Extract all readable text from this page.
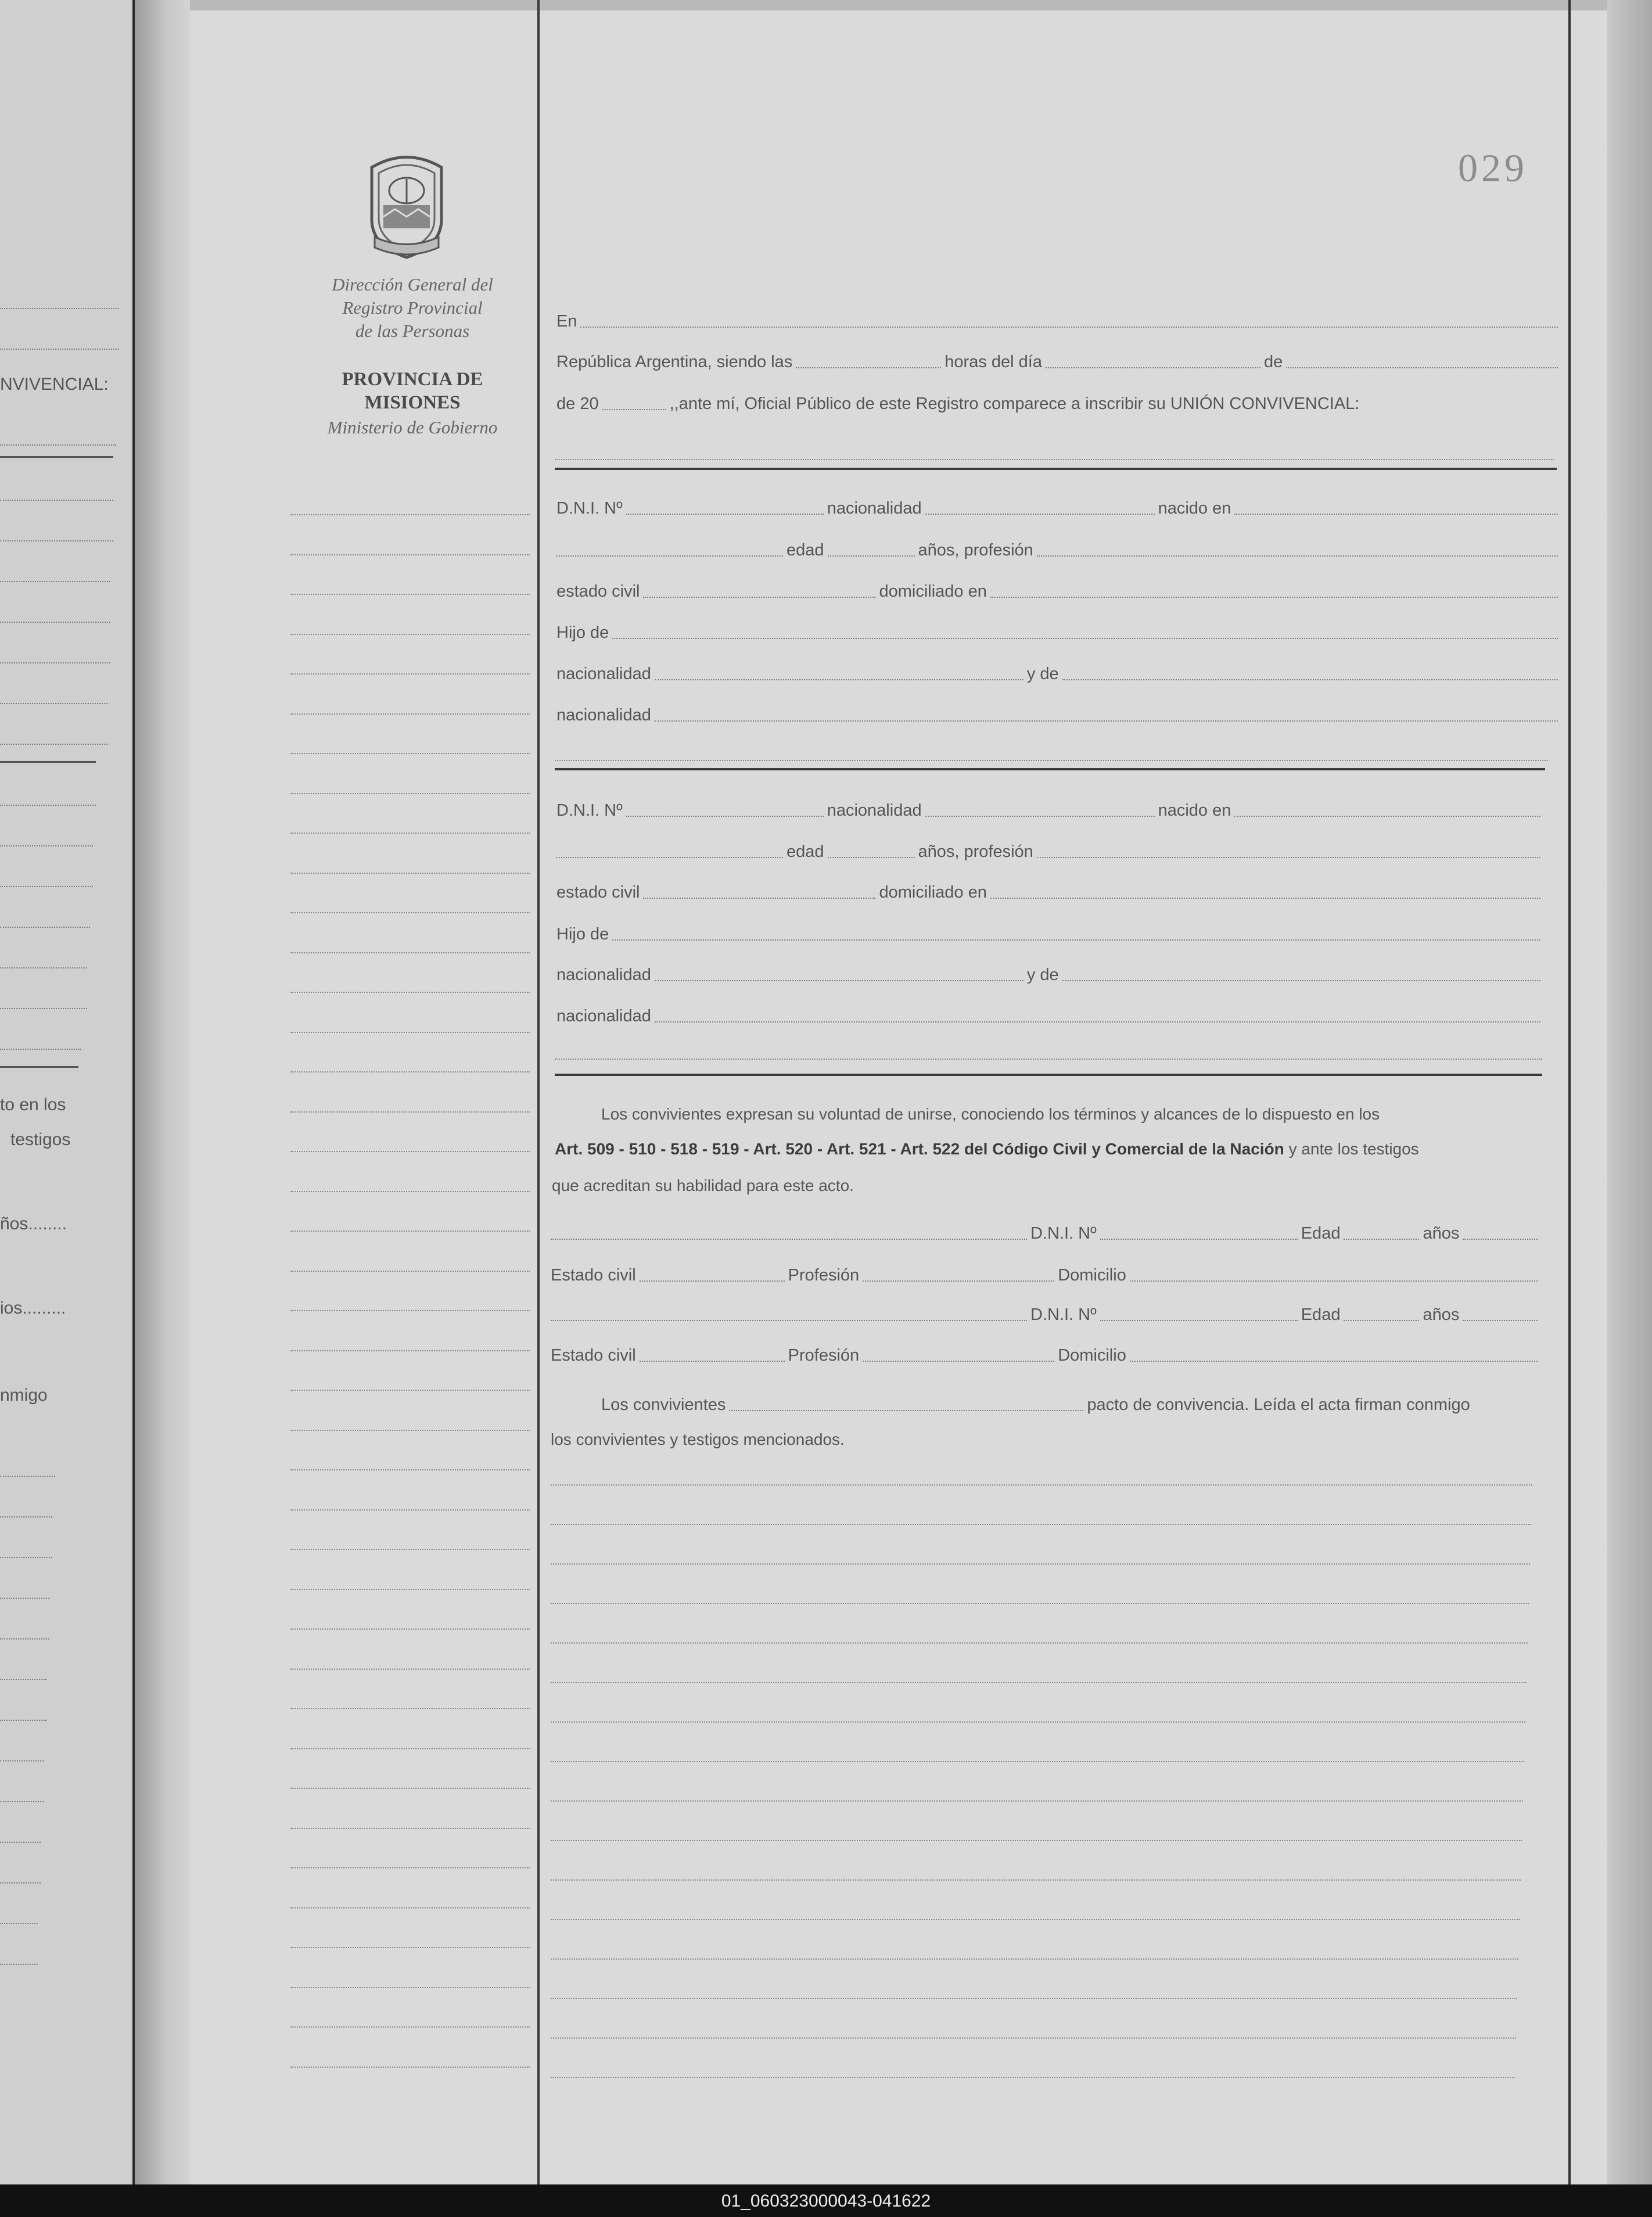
NVIVENCIAL:
to en los
testigos
ños........
ios.........
nmigo
Dirección General del
Registro Provincial
de las Personas
PROVINCIA DE
MISIONES
Ministerio de Gobierno
029
En
República Argentina, siendo las	horas del día	de
de 20	,,ante mí, Oficial Público de este Registro comparece a inscribir su UNIÓN CONVIVENCIAL:
D.N.I. Nº	nacionalidad	nacido en
edad	años, profesión
estado civil	domiciliado en
Hijo de
nacionalidad	y de
nacionalidad
D.N.I. Nº	nacionalidad	nacido en
edad	años, profesión
estado civil	domiciliado en
Hijo de
nacionalidad	y de
nacionalidad
Los convivientes expresan su voluntad de unirse, conociendo los términos y alcances de lo dispuesto en los
Art. 509 - 510 - 518 - 519 - Art. 520 - Art. 521 - Art. 522 del Código Civil y Comercial de la Nación y ante los testigos
que acreditan su habilidad para este acto.
D.N.I. Nº	Edad	años
Estado civil	Profesión	Domicilio
D.N.I. Nº	Edad	años
Estado civil	Profesión	Domicilio
Los convivientes	pacto de convivencia. Leída el acta firman conmigo
los convivientes y testigos mencionados.
01_060323000043-041622
